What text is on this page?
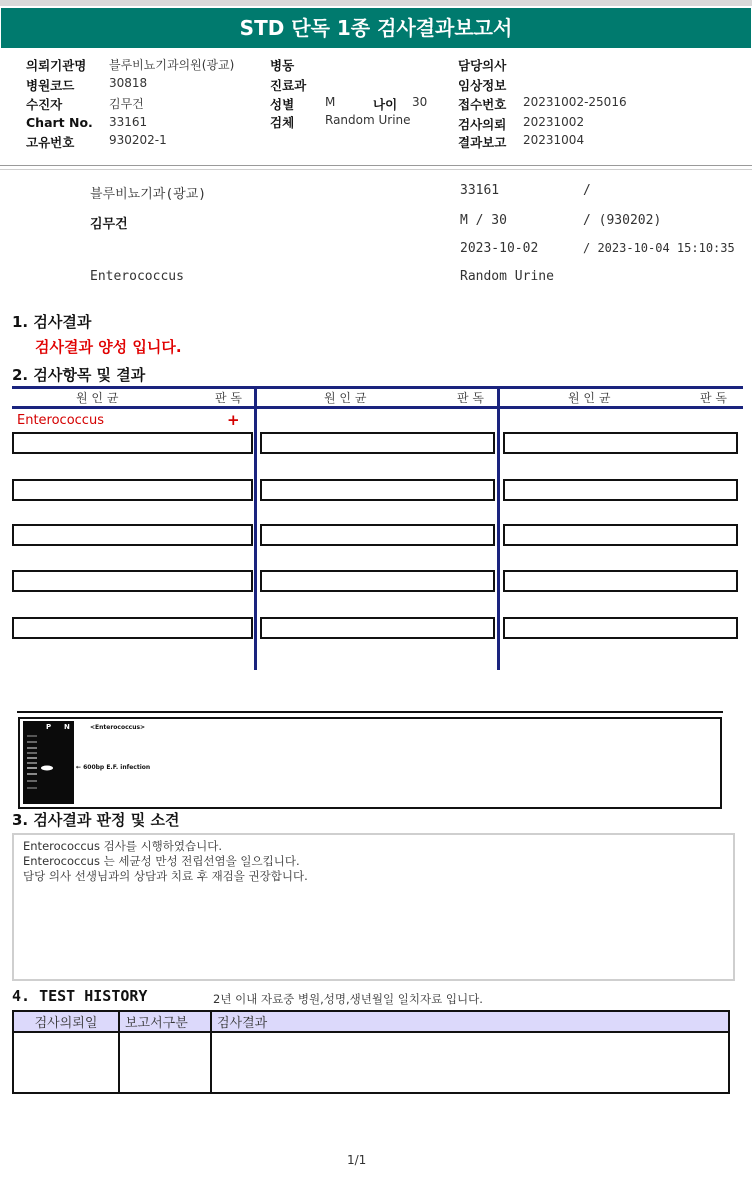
STD 단독 1종 검사결과보고서
의뢰기관명 블루비뇨기과의원(광교)
병원코드	30818
수진자	김무건
Chart No. 33161
고유번호	930202-1
병동
진료과
성별	M	나이 30
검체	Random Urine
담당의사
임상정보
접수번호 20231002-25016
검사의뢰 20231002
결과보고 20231004
블루비뇨기과(광교)	33161	/
김무건	M / 30	/ (930202)
2023-10-02	/ 2023-10-04 15:10:35
Enterococcus	Random Urine
1. 검사결과
검사결과 양성 입니다.
2. 검사항목 및 결과
원 인 균	판 독	원 인 균	판 독	원 인 균	판 독
Enterococcus	+
P N	<Enterococcus>
← 600bp E.F. infection
3. 검사결과 판정 및 소견
Enterococcus 검사를 시행하였습니다.
Enterococcus 는 세균성 만성 전립선염을 일으킵니다.
담당 의사 선생님과의 상담과 치료 후 재검을 권장합니다.
4. TEST HISTORY	2년 이내 자료중 병원,성명,생년월일 일치자료 입니다.
검사의뢰일	보고서구분	검사결과

1/1
